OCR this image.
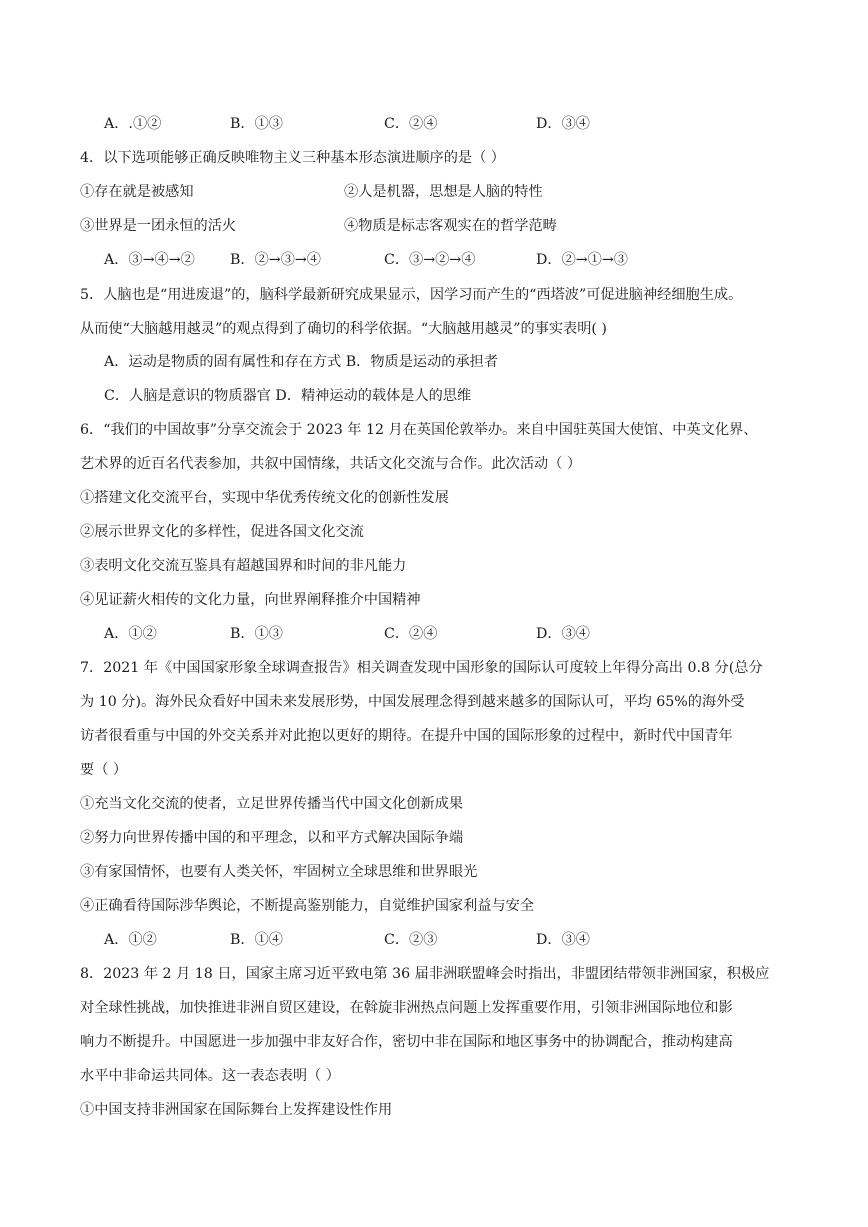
A．.①②	B．①③	C．②④	D．③④
4．以下选项能够正确反映唯物主义三种基本形态演进顺序的是（ ）
①存在就是被感知	②人是机器，思想是人脑的特性
③世界是一团永恒的活火	④物质是标志客观实在的哲学范畴
A．③→④→② B．②→③→④	C．③→②→④	D．②→①→③
5．人脑也是“用进废退”的，脑科学最新研究成果显示，因学习而产生的“西塔波”可促进脑神经细胞生成。
从而使“大脑越用越灵”的观点得到了确切的科学依据。“大脑越用越灵”的事实表明( )
A．运动是物质的固有属性和存在方式 B．物质是运动的承担者
C．人脑是意识的物质器官 D．精神运动的载体是人的思维
6．“我们的中国故事”分享交流会于 2023 年 12 月在英国伦敦举办。来自中国驻英国大使馆、中英文化界、
艺术界的近百名代表参加，共叙中国情缘，共话文化交流与合作。此次活动（ ）
①搭建文化交流平台，实现中华优秀传统文化的创新性发展
②展示世界文化的多样性，促进各国文化交流
③表明文化交流互鉴具有超越国界和时间的非凡能力
④见证薪火相传的文化力量，向世界阐释推介中国精神
A．①②	B．①③	C．②④	D．③④
7．2021 年《中国国家形象全球调查报告》相关调查发现中国形象的国际认可度较上年得分高出 0.8 分(总分
为 10 分)。海外民众看好中国未来发展形势，中国发展理念得到越来越多的国际认可，平均 65%的海外受
访者很看重与中国的外交关系并对此抱以更好的期待。在提升中国的国际形象的过程中，新时代中国青年
要（ ）
①充当文化交流的使者，立足世界传播当代中国文化创新成果
②努力向世界传播中国的和平理念，以和平方式解决国际争端
③有家国情怀，也要有人类关怀，牢固树立全球思维和世界眼光
④正确看待国际涉华舆论，不断提高鉴别能力，自觉维护国家利益与安全
A．①②	B．①④	C．②③	D．③④
8．2023 年 2 月 18 日，国家主席习近平致电第 36 届非洲联盟峰会时指出，非盟团结带领非洲国家，积极应
对全球性挑战，加快推进非洲自贸区建设，在斡旋非洲热点问题上发挥重要作用，引领非洲国际地位和影
响力不断提升。中国愿进一步加强中非友好合作，密切中非在国际和地区事务中的协调配合，推动构建高
水平中非命运共同体。这一表态表明（ ）
①中国支持非洲国家在国际舞台上发挥建设性作用
